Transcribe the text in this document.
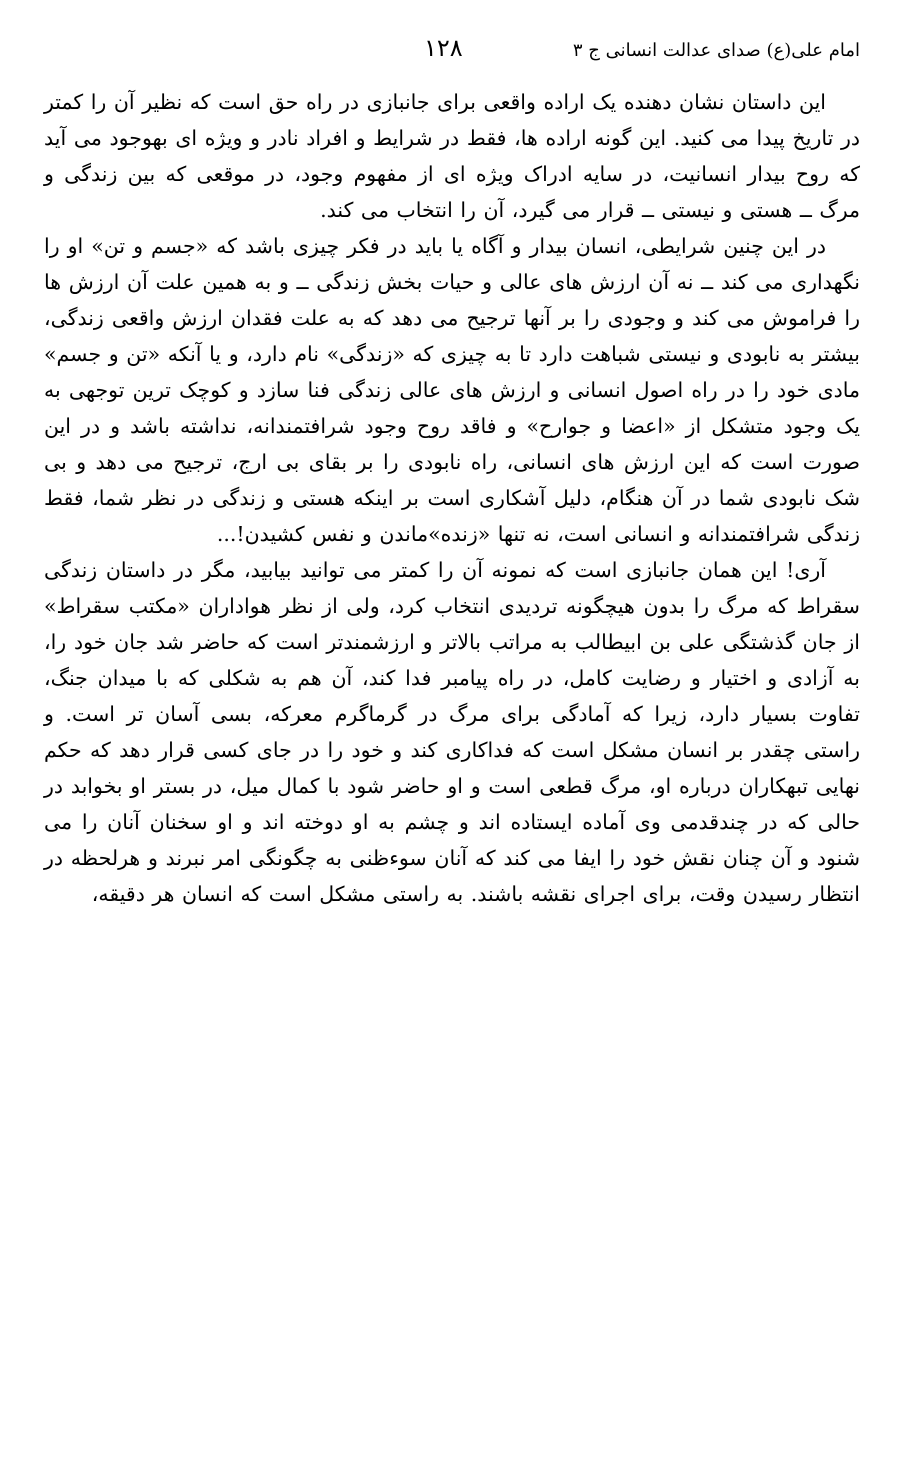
امام علی(ع) صدای عدالت انسانی ج ۳
۱۲۸

این داستان نشان دهنده یک اراده واقعی برای جانبازی در راه حق است که نظیر آن را کمتر در تاریخ پیدا می کنید. این گونه اراده ها، فقط در شرایط و افراد نادر و ویژه ای بهوجود می آید که روح بیدار انسانیت، در سایه ادراک ویژه ای از مفهوم وجود، در موقعی که بین زندگی و مرگ ــ هستی و نیستی ــ قرار می گیرد، آن را انتخاب می کند.

در این چنین شرایطی، انسان بیدار و آگاه یا باید در فکر چیزی باشد که «جسم و تن» او را نگهداری می کند ــ نه آن ارزش های عالی و حیات بخش زندگی ــ و به همین علت آن ارزش ها را فراموش می کند و وجودی را بر آنها ترجیح می دهد که به علت فقدان ارزش واقعی زندگی، بیشتر به نابودی و نیستی شباهت دارد تا به چیزی که «زندگی» نام دارد، و یا آنکه «تن و جسم» مادی خود را در راه اصول انسانی و ارزش های عالی زندگی فنا سازد و کوچک ترین توجهی به یک وجود متشکل از «اعضا و جوارح» و فاقد روح وجود شرافتمندانه، نداشته باشد و در این صورت است که این ارزش های انسانی، راه نابودی را بر بقای بی ارج، ترجیح می دهد و بی شک نابودی شما در آن هنگام، دلیل آشکاری است بر اینکه هستی و زندگی در نظر شما، فقط زندگی شرافتمندانه و انسانی است، نه تنها «زنده»ماندن و نفس کشیدن!...

آری! این همان جانبازی است که نمونه آن را کمتر می توانید بیابید، مگر در داستان زندگی سقراط که مرگ را بدون هیچگونه تردیدی انتخاب کرد، ولی از نظر هواداران «مکتب سقراط» از جان گذشتگی علی بن ابیطالب به مراتب بالاتر و ارزشمندتر است که حاضر شد جان خود را، به آزادی و اختیار و رضایت کامل، در راه پیامبر فدا کند، آن هم به شکلی که با میدان جنگ، تفاوت بسیار دارد، زیرا که آمادگی برای مرگ در گرماگرم معرکه، بسی آسان تر است. و راستی چقدر بر انسان مشکل است که فداکاری کند و خود را در جای کسی قرار دهد که حکم نهایی تبهکاران درباره او، مرگ قطعی است و او حاضر شود با کمال میل، در بستر او بخوابد در حالی که در چندقدمی وی آماده ایستاده اند و چشم به او دوخته اند و او سخنان آنان را می شنود و آن چنان نقش خود را ایفا می کند که آنان سوءظنی به چگونگی امر نبرند و هرلحظه در انتظار رسیدن وقت، برای اجرای نقشه باشند. به راستی مشکل است که انسان هر دقیقه،
